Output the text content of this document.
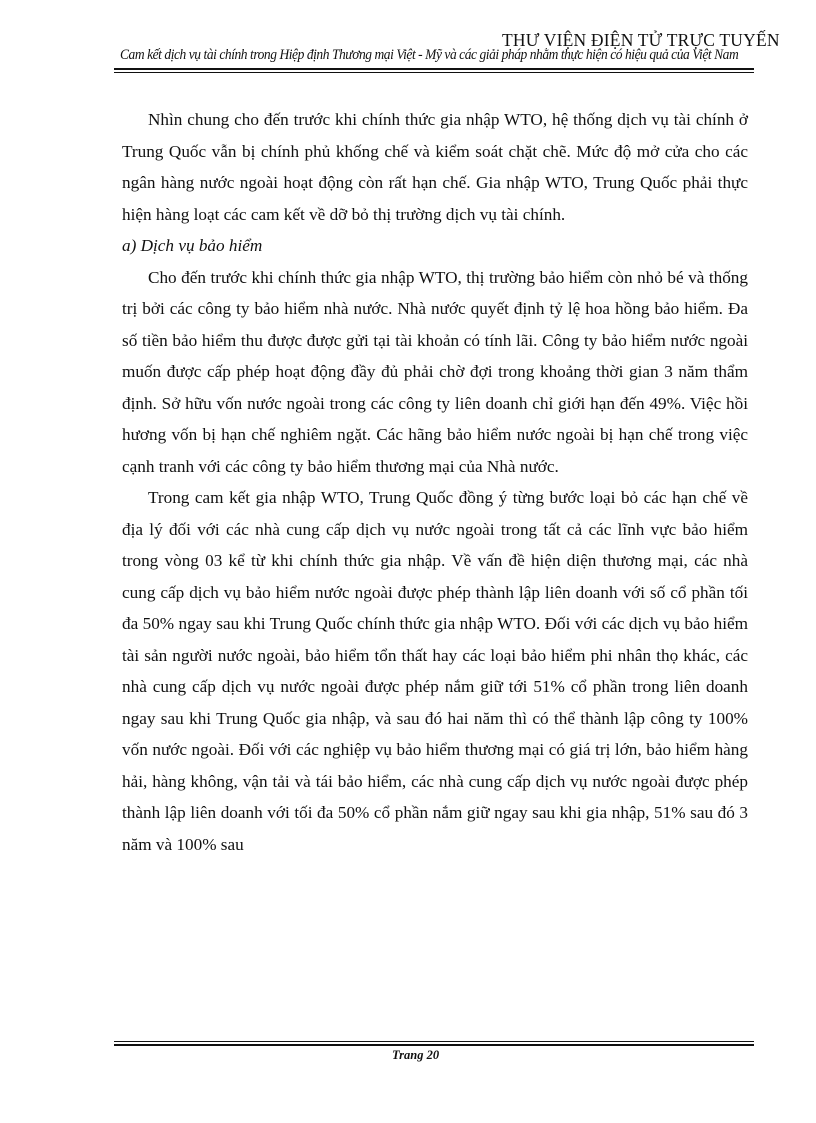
Cam kết dịch vụ tài chính trong Hiệp định Thương mại Việt - Mỹ và các giải pháp nhằm thực hiện có hiệu quả của Việt Nam
THƯ VIỆN ĐIỆN TỬ TRỰC TUYẾN

Nhìn chung cho đến trước khi chính thức gia nhập WTO, hệ thống dịch vụ tài chính ở Trung Quốc vẫn bị chính phủ khống chế và kiểm soát chặt chẽ. Mức độ mở cửa cho các ngân hàng nước ngoài hoạt động còn rất hạn chế. Gia nhập WTO, Trung Quốc phải thực hiện hàng loạt các cam kết về dỡ bỏ thị trường dịch vụ tài chính.

a) Dịch vụ bảo hiểm

Cho đến trước khi chính thức gia nhập WTO, thị trường bảo hiểm còn nhỏ bé và thống trị bởi các công ty bảo hiểm nhà nước. Nhà nước quyết định tỷ lệ hoa hồng bảo hiểm. Đa số tiền bảo hiểm thu được được gửi tại tài khoản có tính lãi. Công ty bảo hiểm nước ngoài muốn được cấp phép hoạt động đầy đủ phải chờ đợi trong khoảng thời gian 3 năm thẩm định. Sở hữu vốn nước ngoài trong các công ty liên doanh chỉ giới hạn đến 49%. Việc hồi hương vốn bị hạn chế nghiêm ngặt. Các hãng bảo hiểm nước ngoài bị hạn chế trong việc cạnh tranh với các công ty bảo hiểm thương mại của Nhà nước.

Trong cam kết gia nhập WTO, Trung Quốc đồng ý từng bước loại bỏ các hạn chế về địa lý đối với các nhà cung cấp dịch vụ nước ngoài trong tất cả các lĩnh vực bảo hiểm trong vòng 03 kể từ khi chính thức gia nhập. Về vấn đề hiện diện thương mại, các nhà cung cấp dịch vụ bảo hiểm nước ngoài được phép thành lập liên doanh với số cổ phần tối đa 50% ngay sau khi Trung Quốc chính thức gia nhập WTO. Đối với các dịch vụ bảo hiểm tài sản người nước ngoài, bảo hiểm tổn thất hay các loại bảo hiểm phi nhân thọ khác, các nhà cung cấp dịch vụ nước ngoài được phép nắm giữ tới 51% cổ phần trong liên doanh ngay sau khi Trung Quốc gia nhập, và sau đó hai năm thì có thể thành lập công ty 100% vốn nước ngoài. Đối với các nghiệp vụ bảo hiểm thương mại có giá trị lớn, bảo hiểm hàng hải, hàng không, vận tải và tái bảo hiểm, các nhà cung cấp dịch vụ nước ngoài được phép thành lập liên doanh với tối đa 50% cổ phần nắm giữ ngay sau khi gia nhập, 51% sau đó 3 năm và 100% sau

Trang 20
